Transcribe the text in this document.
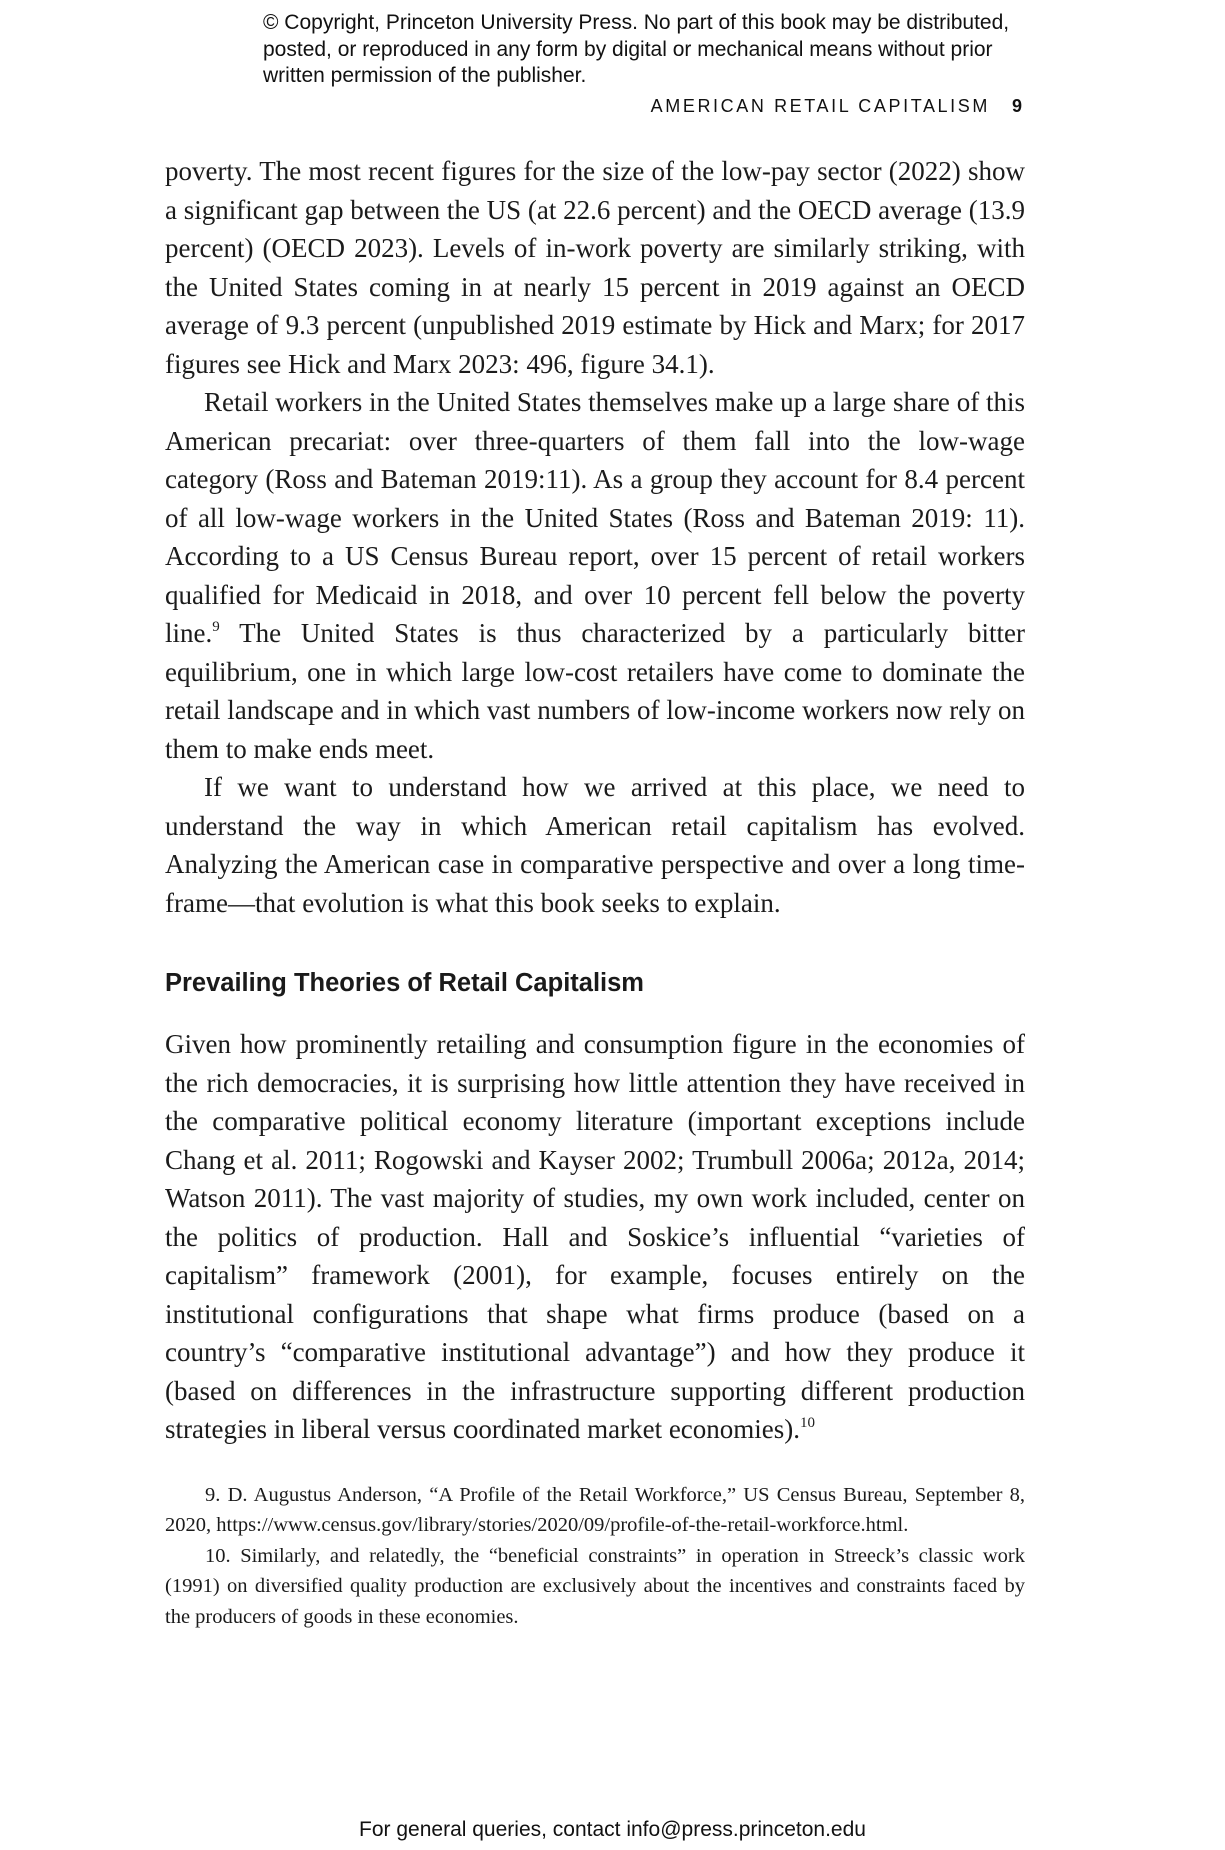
© Copyright, Princeton University Press. No part of this book may be distributed, posted, or reproduced in any form by digital or mechanical means without prior written permission of the publisher.
AMERICAN RETAIL CAPITALISM 9

poverty. The most recent figures for the size of the low-pay sector (2022) show a significant gap between the US (at 22.6 percent) and the OECD average (13.9 percent) (OECD 2023). Levels of in-work poverty are similarly striking, with the United States coming in at nearly 15 percent in 2019 against an OECD average of 9.3 percent (unpublished 2019 estimate by Hick and Marx; for 2017 figures see Hick and Marx 2023: 496, figure 34.1).

Retail workers in the United States themselves make up a large share of this American precariat: over three-quarters of them fall into the low-wage category (Ross and Bateman 2019:11). As a group they account for 8.4 percent of all low-wage workers in the United States (Ross and Bateman 2019: 11). According to a US Census Bureau report, over 15 percent of retail workers qualified for Medicaid in 2018, and over 10 percent fell below the poverty line.$^9$ The United States is thus characterized by a particularly bitter equilibrium, one in which large low-cost retailers have come to dominate the retail landscape and in which vast numbers of low-income workers now rely on them to make ends meet.

If we want to understand how we arrived at this place, we need to understand the way in which American retail capitalism has evolved. Analyzing the American case in comparative perspective and over a long time-frame—that evolution is what this book seeks to explain.

Prevailing Theories of Retail Capitalism

Given how prominently retailing and consumption figure in the economies of the rich democracies, it is surprising how little attention they have received in the comparative political economy literature (important exceptions include Chang et al. 2011; Rogowski and Kayser 2002; Trumbull 2006a; 2012a, 2014; Watson 2011). The vast majority of studies, my own work included, center on the politics of production. Hall and Soskice’s influential “varieties of capitalism” framework (2001), for example, focuses entirely on the institutional configurations that shape what firms produce (based on a country’s “comparative institutional advantage”) and how they produce it (based on differences in the infrastructure supporting different production strategies in liberal versus coordinated market economies).$^{10}$

9. D. Augustus Anderson, “A Profile of the Retail Workforce,” US Census Bureau, September 8, 2020, https://www.census.gov/library/stories/2020/09/profile-of-the-retail-workforce.html.

10. Similarly, and relatedly, the “beneficial constraints” in operation in Streeck’s classic work (1991) on diversified quality production are exclusively about the incentives and constraints faced by the producers of goods in these economies.

For general queries, contact info@press.princeton.edu
